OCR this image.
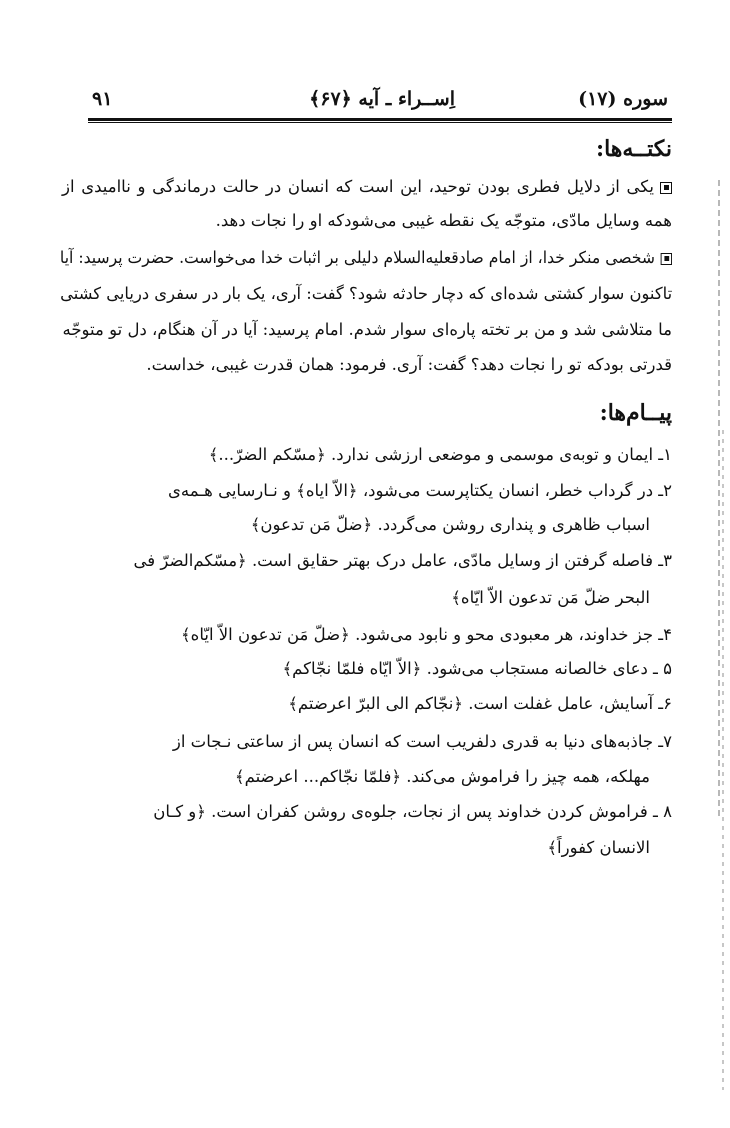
سوره (۱۷)
اِســراء ـ آیه ﴿۶۷﴾
۹۱
نکتــه‌ها:
یکی از دلایل فطری بودن توحید، این است که انسان در حالت درماندگی و ناامیدی از
همه وسایل مادّی، متوجّه یک نقطه غیبی می‌شودکه او را نجات دهد.
شخصی منکر خدا، از امام صادقعلیه‌السلام دلیلی بر اثبات خدا می‌خواست. حضرت پرسید: آیا
تاکنون سوار کشتی شده‌ای که دچار حادثه شود؟ گفت: آری، یک بار در سفری دریایی کشتی
ما متلاشی شد و من بر تخته پاره‌ای سوار شدم. امام پرسید: آیا در آن هنگام، دل تو متوجّه
قدرتی بودکه تو را نجات دهد؟ گفت: آری. فرمود: همان قدرت غیبی، خداست.
پیــام‌ها:
۱ـ ایمان و توبه‌ی موسمی و موضعی ارزشی ندارد. ﴿مسّکم الضرّ...﴾
۲ـ در گرداب خطر، انسان یکتاپرست می‌شود، ﴿الاّ ایاه﴾ و نـارسایی هـمه‌ی
اسباب ظاهری و پنداری روشن می‌گردد. ﴿ضلّ مَن تدعون﴾
۳ـ فاصله گرفتن از وسایل مادّی، عامل درک بهتر حقایق است. ﴿مسّکم‌الضرّ فی
البحر ضلّ مَن تدعون الاّ ایّاه﴾
۴ـ جز خداوند، هر معبودی محو و نابود می‌شود. ﴿ضلّ مَن تدعون الاّ ایّاه﴾
۵ ـ دعای خالصانه مستجاب می‌شود. ﴿الاّ ایّاه فلمّا نجّاکم﴾
۶ـ آسایش، عامل غفلت است. ﴿نجّاکم الی البرّ اعرضتم﴾
۷ـ جاذبه‌های دنیا به قدری دلفریب است که انسان پس از ساعتی نـجات از
مهلکه، همه چیز را فراموش می‌کند. ﴿فلمّا نجّاکم... اعرضتم﴾
۸ ـ فراموش کردن خداوند پس از نجات، جلوه‌ی روشن کفران است. ﴿و کـان
الانسان کفوراً﴾
